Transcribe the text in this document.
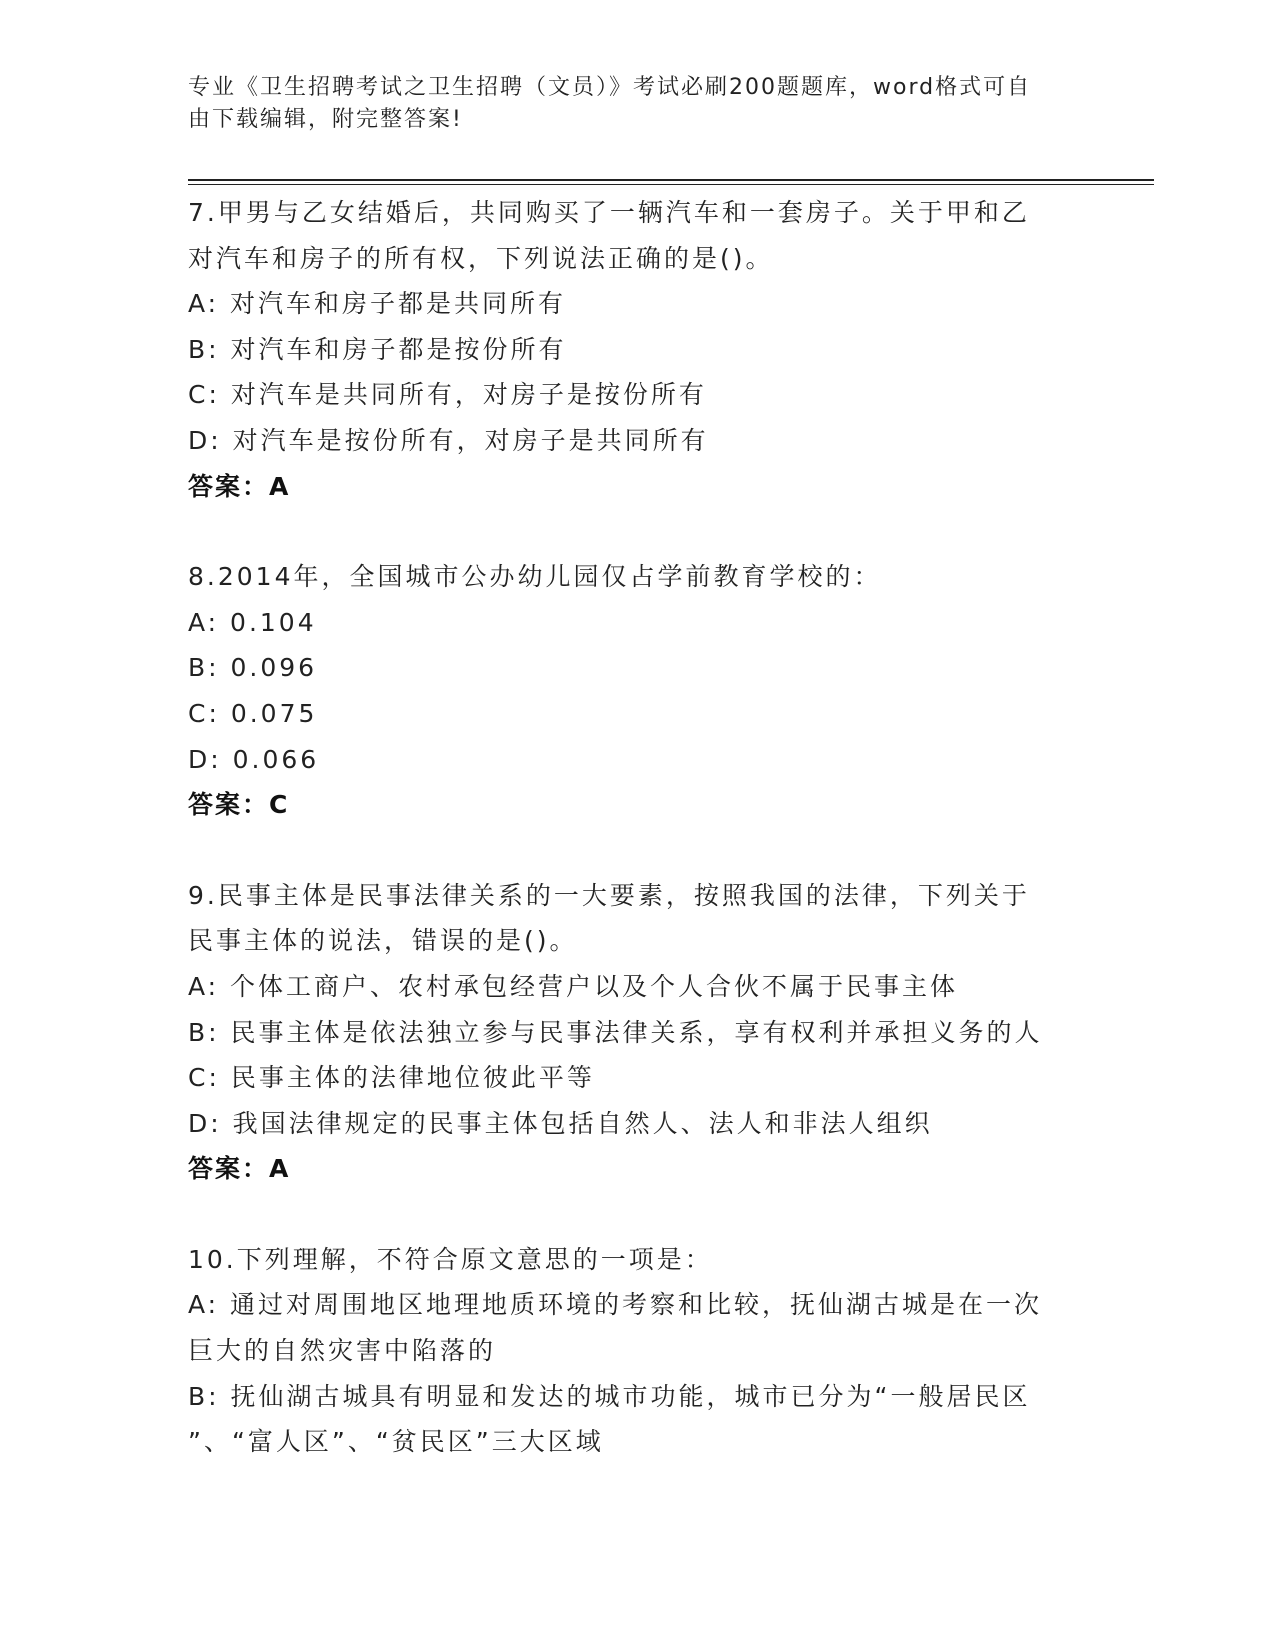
专业《卫生招聘考试之卫生招聘（文员）》考试必刷200题题库，word格式可自
由下载编辑，附完整答案!
7.甲男与乙女结婚后，共同购买了一辆汽车和一套房子。关于甲和乙
对汽车和房子的所有权，下列说法正确的是()。
A: 对汽车和房子都是共同所有
B: 对汽车和房子都是按份所有
C: 对汽车是共同所有，对房子是按份所有
D: 对汽车是按份所有，对房子是共同所有
答案：A
8.2014年，全国城市公办幼儿园仅占学前教育学校的：
A: 0.104
B: 0.096
C: 0.075
D: 0.066
答案：C
9.民事主体是民事法律关系的一大要素，按照我国的法律，下列关于
民事主体的说法，错误的是()。
A: 个体工商户、农村承包经营户以及个人合伙不属于民事主体
B: 民事主体是依法独立参与民事法律关系，享有权利并承担义务的人
C: 民事主体的法律地位彼此平等
D: 我国法律规定的民事主体包括自然人、法人和非法人组织
答案：A
10.下列理解，不符合原文意思的一项是：
A: 通过对周围地区地理地质环境的考察和比较，抚仙湖古城是在一次
巨大的自然灾害中陷落的
B: 抚仙湖古城具有明显和发达的城市功能，城市已分为“一般居民区
”、“富人区”、“贫民区”三大区域
